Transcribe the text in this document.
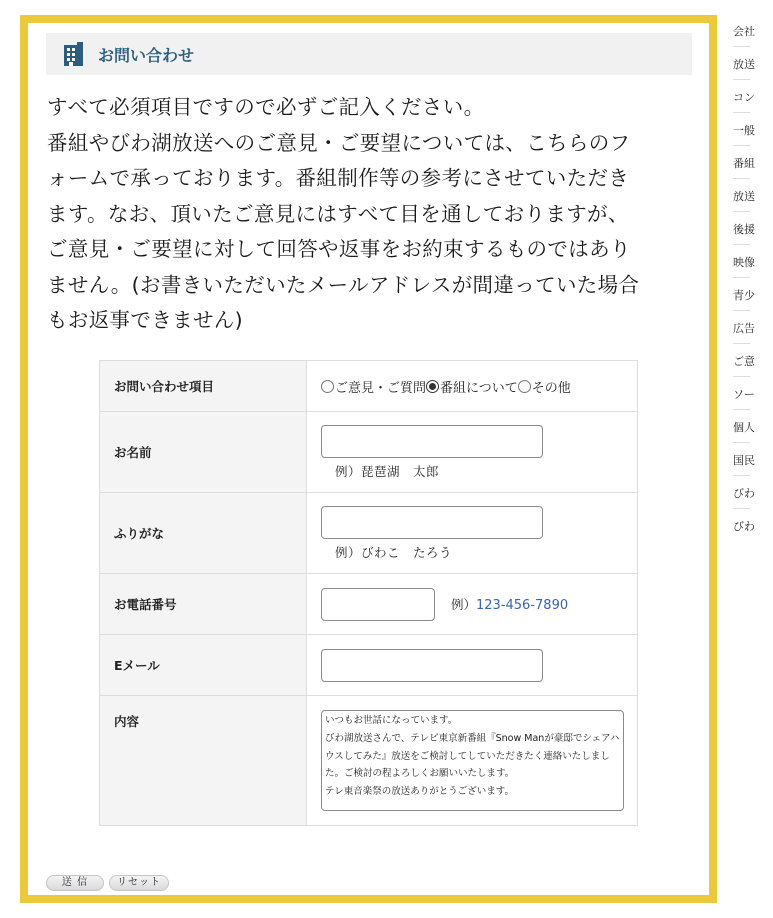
お問い合わせ

すべて必須項目ですので必ずご記入ください。

番組やびわ湖放送へのご意見・ご要望については、こちらのフ

ォームで承っております。番組制作等の参考にさせていただき

ます。なお、頂いたご意見にはすべて目を通しておりますが、

ご意見・ご要望に対して回答や返事をお約束するものではあり

ません。(お書きいただいたメールアドレスが間違っていた場合

もお返事できません)

お問い合わせ項目	ご意見・ご質問 番組について その他

お名前	例）琵琶湖　太郎

ふりがな	例）びわこ　たろう

お電話番号	例）123-456-7890

Eメール	

内容	いつもお世話になっています。
びわ湖放送さんで、テレビ東京新番組『Snow Manが豪邸でシェアハウスしてみた』放送をご検討してしていただきたく連絡いたしました。ご検討の程よろしくお願いいたします。
テレ東音楽祭の放送ありがとうございます。
送 信	リセット
会社
放送
コン
一般
番組
放送
後援
映像
青少
広告
ご意
ソー
個人
国民
びわ
びわ
